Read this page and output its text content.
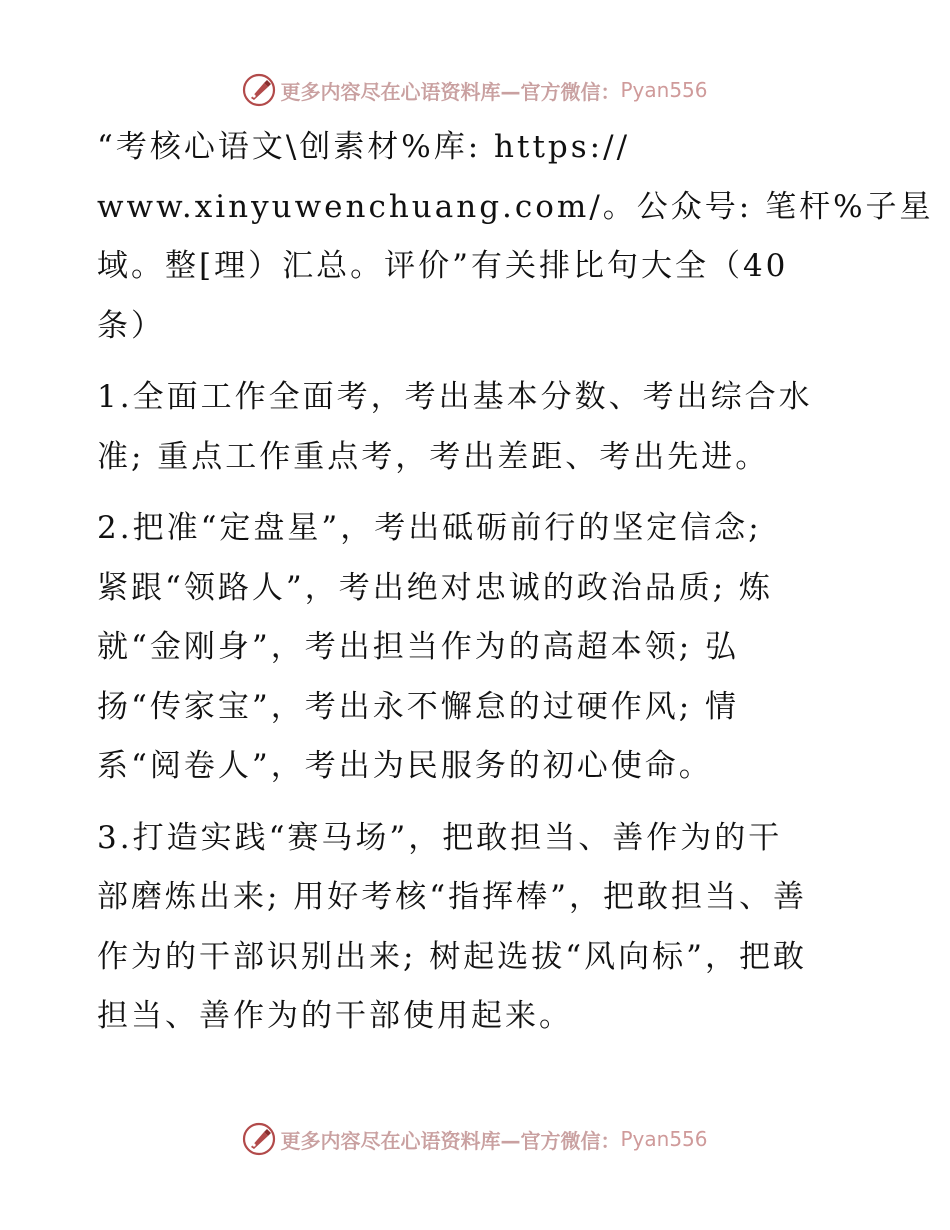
更多内容尽在心语资料库—官方微信： Pyan556

“考核心语文\创素材%库: https://
www.xinyuwenchuang.com/。公众号: 笔杆%子星
域。整[理）汇总。评价”有关排比句大全（40
条）

1.全面工作全面考，考出基本分数、考出综合水
准; 重点工作重点考，考出差距、考出先进。

2.把准“定盘星”，考出砥砺前行的坚定信念;
紧跟“领路人”，考出绝对忠诚的政治品质; 炼
就“金刚身”，考出担当作为的高超本领; 弘
扬“传家宝”，考出永不懈怠的过硬作风; 情
系“阅卷人”，考出为民服务的初心使命。

3.打造实践“赛马场”，把敢担当、善作为的干
部磨炼出来; 用好考核“指挥棒”，把敢担当、善
作为的干部识别出来; 树起选拔“风向标”，把敢
担当、善作为的干部使用起来。

更多内容尽在心语资料库—官方微信： Pyan556
